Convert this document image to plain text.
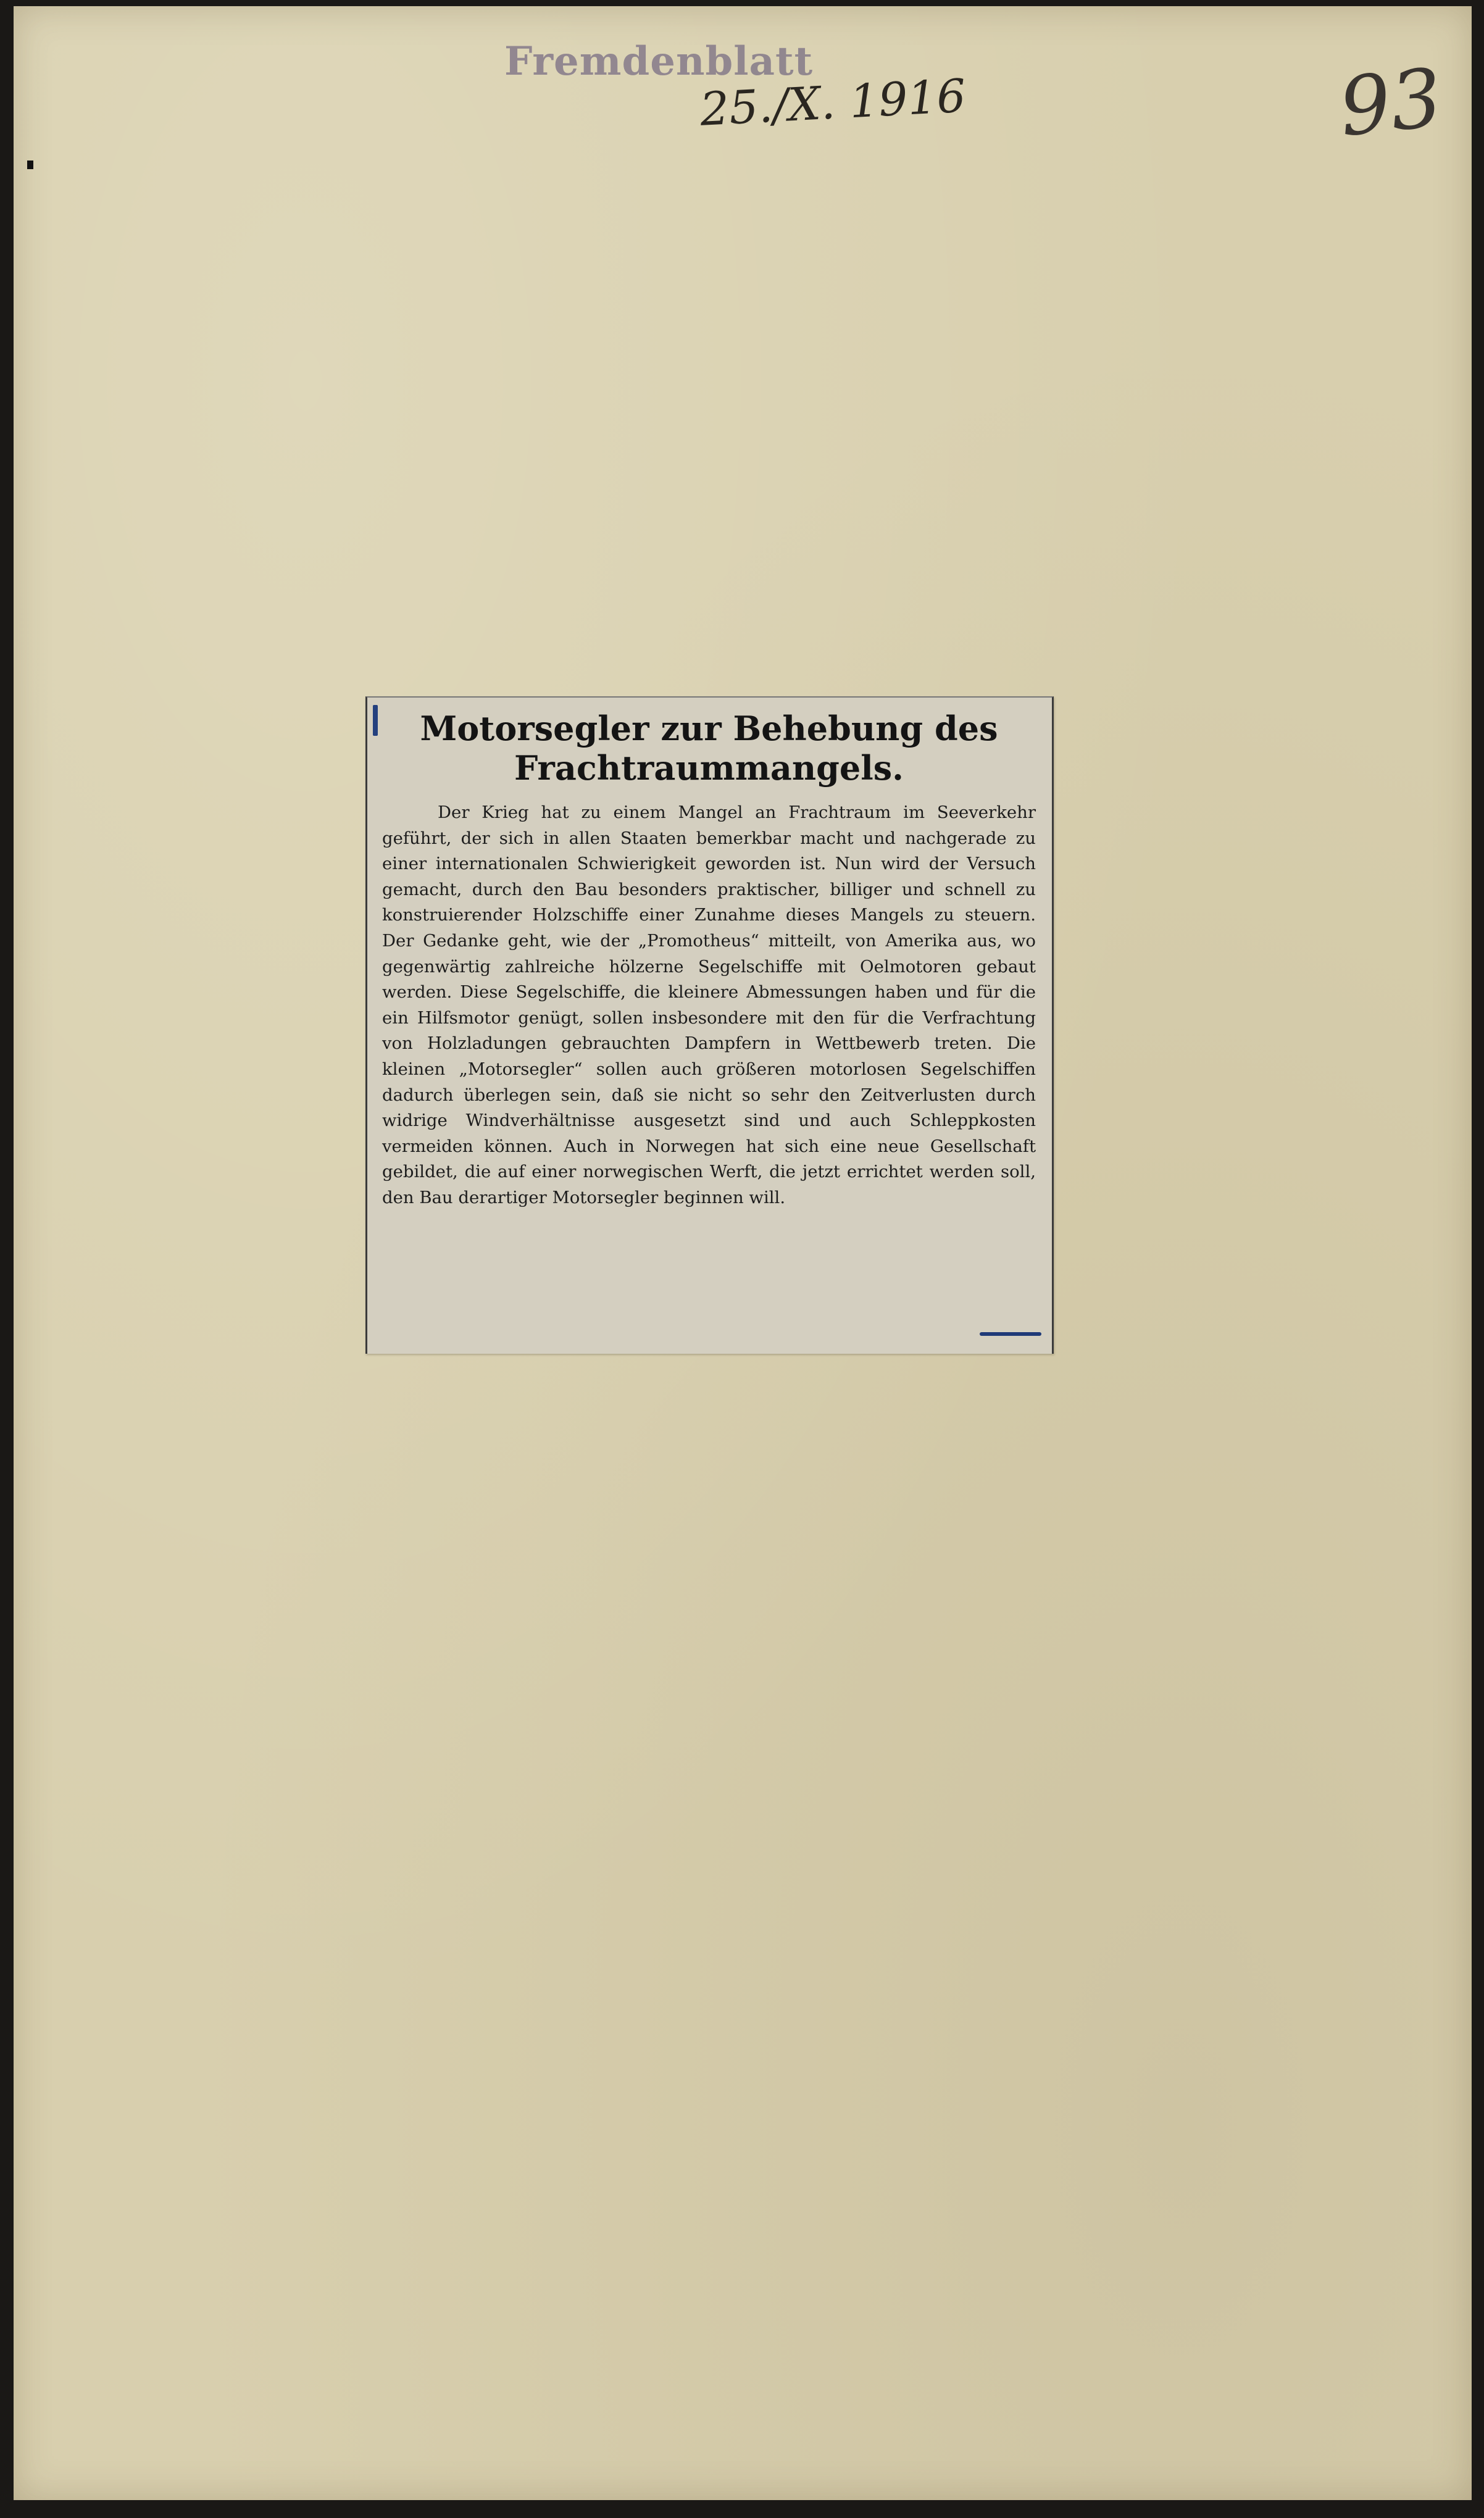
Fremdenblatt
25./X. 1916	93
Motorsegler zur Behebung des Frachtraummangels.

Der Krieg hat zu einem Mangel an Frachtraum im Seeverkehr geführt, der sich in allen Staaten bemerkbar macht und nachgerade zu einer internationalen Schwierigkeit geworden ist. Nun wird der Versuch gemacht, durch den Bau besonders praktischer, billiger und schnell zu konstruierender Holzschiffe einer Zunahme dieses Mangels zu steuern. Der Gedanke geht, wie der „Promotheus“ mitteilt, von Amerika aus, wo gegenwärtig zahlreiche hölzerne Segelschiffe mit Oelmotoren gebaut werden. Diese Segelschiffe, die kleinere Abmessungen haben und für die ein Hilfsmotor genügt, sollen insbesondere mit den für die Verfrachtung von Holzladungen gebrauchten Dampfern in Wettbewerb treten. Die kleinen „Motorsegler“ sollen auch größeren motorlosen Segelschiffen dadurch überlegen sein, daß sie nicht so sehr den Zeitverlusten durch widrige Windverhältnisse ausgesetzt sind und auch Schleppkosten vermeiden können. Auch in Norwegen hat sich eine neue Gesellschaft gebildet, die auf einer norwegischen Werft, die jetzt errichtet werden soll, den Bau derartiger Motorsegler beginnen will.
